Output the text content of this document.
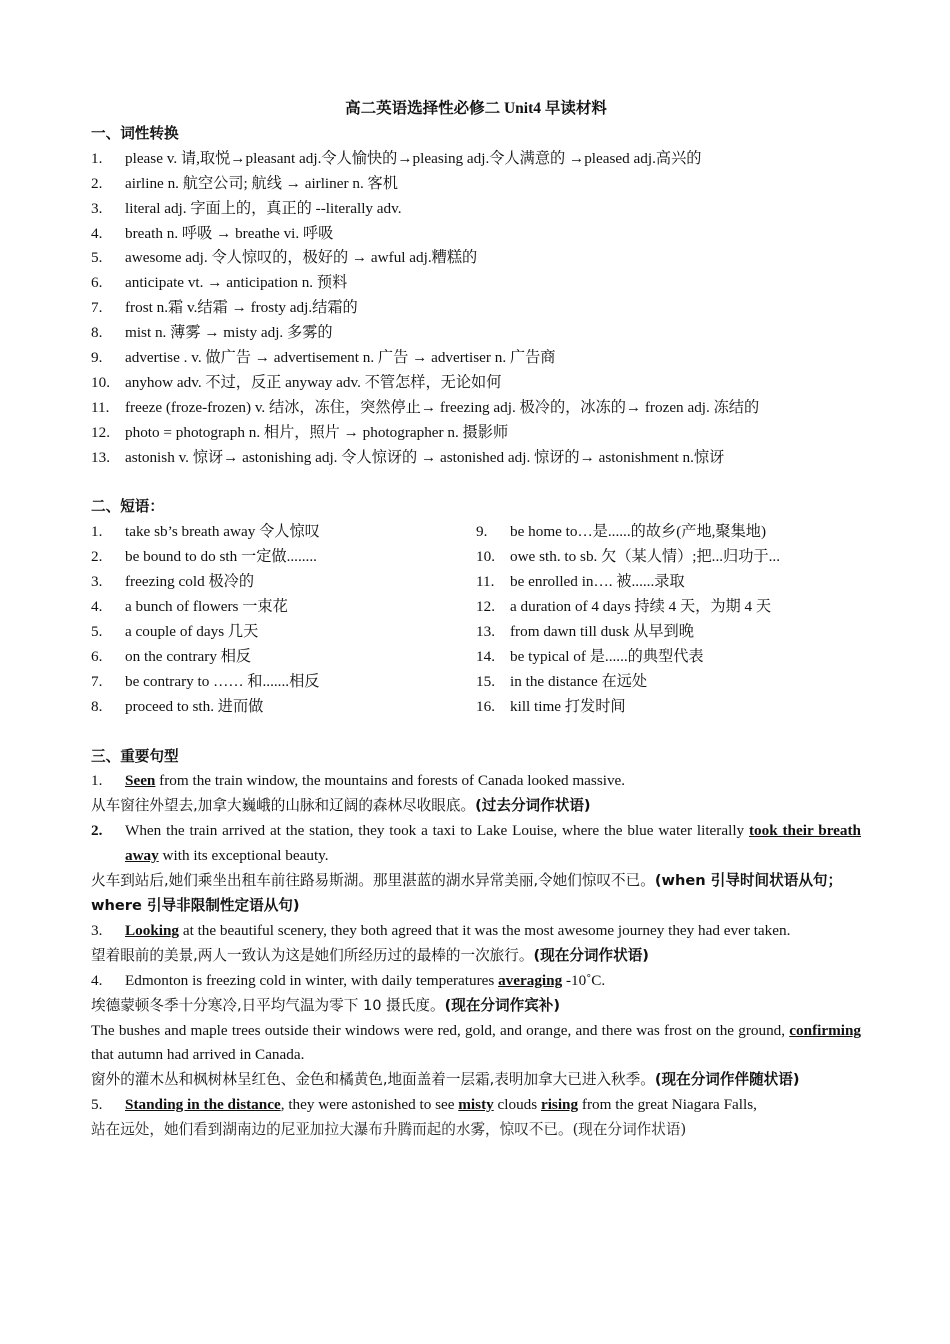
高二英语选择性必修二 Unit4 早读材料
一、词性转换
1.	please v. 请,取悦→pleasant adj.令人愉快的→pleasing adj.令人满意的 →pleased adj.高兴的
2.	airline n. 航空公司; 航线 → airliner n. 客机
3.	literal adj. 字面上的，真正的 --literally adv.
4.	breath n. 呼吸 → breathe vi. 呼吸
5.	awesome adj. 令人惊叹的，极好的 → awful adj.糟糕的
6.	anticipate vt. → anticipation n. 预料
7.	frost n.霜 v.结霜 → frosty adj.结霜的
8.	mist n. 薄雾 → misty adj. 多雾的
9.	advertise . v. 做广告 → advertisement n. 广告 → advertiser n. 广告商
10. anyhow adv. 不过，反正 anyway adv. 不管怎样，无论如何
11.	freeze (froze-frozen) v. 结冰，冻住，突然停止→ freezing adj. 极冷的，冰冻的→ frozen adj. 冻结的
12. photo = photograph n. 相片，照片 → photographer n. 摄影师
13. astonish v. 惊讶→ astonishing adj. 令人惊讶的 → astonished adj. 惊讶的→ astonishment n.惊讶
二、短语：
1.	take sb’s breath away 令人惊叹
2.	be bound to do sth 一定做........
3.	freezing cold 极冷的
4.	a bunch of flowers 一束花
5.	a couple of days 几天
6.	on the contrary 相反
7.	be contrary to …… 和.......相反
8.	proceed to sth. 进而做
9.	be home to…是......的故乡(产地,聚集地)
10. owe sth. to sb. 欠（某人情）;把...归功于...
11.	be enrolled in…. 被......录取
12. a duration of 4 days 持续 4 天，为期 4 天
13. from dawn till dusk 从早到晚
14. be typical of 是......的典型代表
15. in the distance 在远处
16. kill time 打发时间
三、重要句型
1.	Seen from the train window, the mountains and forests of Canada looked massive.

从车窗往外望去,加拿大巍峨的山脉和辽阔的森林尽收眼底。(过去分词作状语)

2.	When the train arrived at the station, they took a taxi to Lake Louise, where the blue water literally took their breath away with its exceptional beauty.

火车到站后,她们乘坐出租车前往路易斯湖。那里湛蓝的湖水异常美丽,令她们惊叹不已。(when 引导时间状语从句；where 引导非限制性定语从句)

3.	Looking at the beautiful scenery, they both agreed that it was the most awesome journey they had ever taken.

望着眼前的美景,两人一致认为这是她们所经历过的最棒的一次旅行。(现在分词作状语)

4.	Edmonton is freezing cold in winter, with daily temperatures averaging -10˚C.

埃德蒙顿冬季十分寒冷,日平均气温为零下 10 摄氏度。(现在分词作宾补)

The bushes and maple trees outside their windows were red, gold, and orange, and there was frost on the ground, confirming that autumn had arrived in Canada.

窗外的灌木丛和枫树林呈红色、金色和橘黄色,地面盖着一层霜,表明加拿大已进入秋季。(现在分词作伴随状语)

5.	Standing in the distance, they were astonished to see misty clouds rising from the great Niagara Falls,

站在远处，她们看到湖南边的尼亚加拉大瀑布升腾而起的水雾，惊叹不已。(现在分词作状语)
